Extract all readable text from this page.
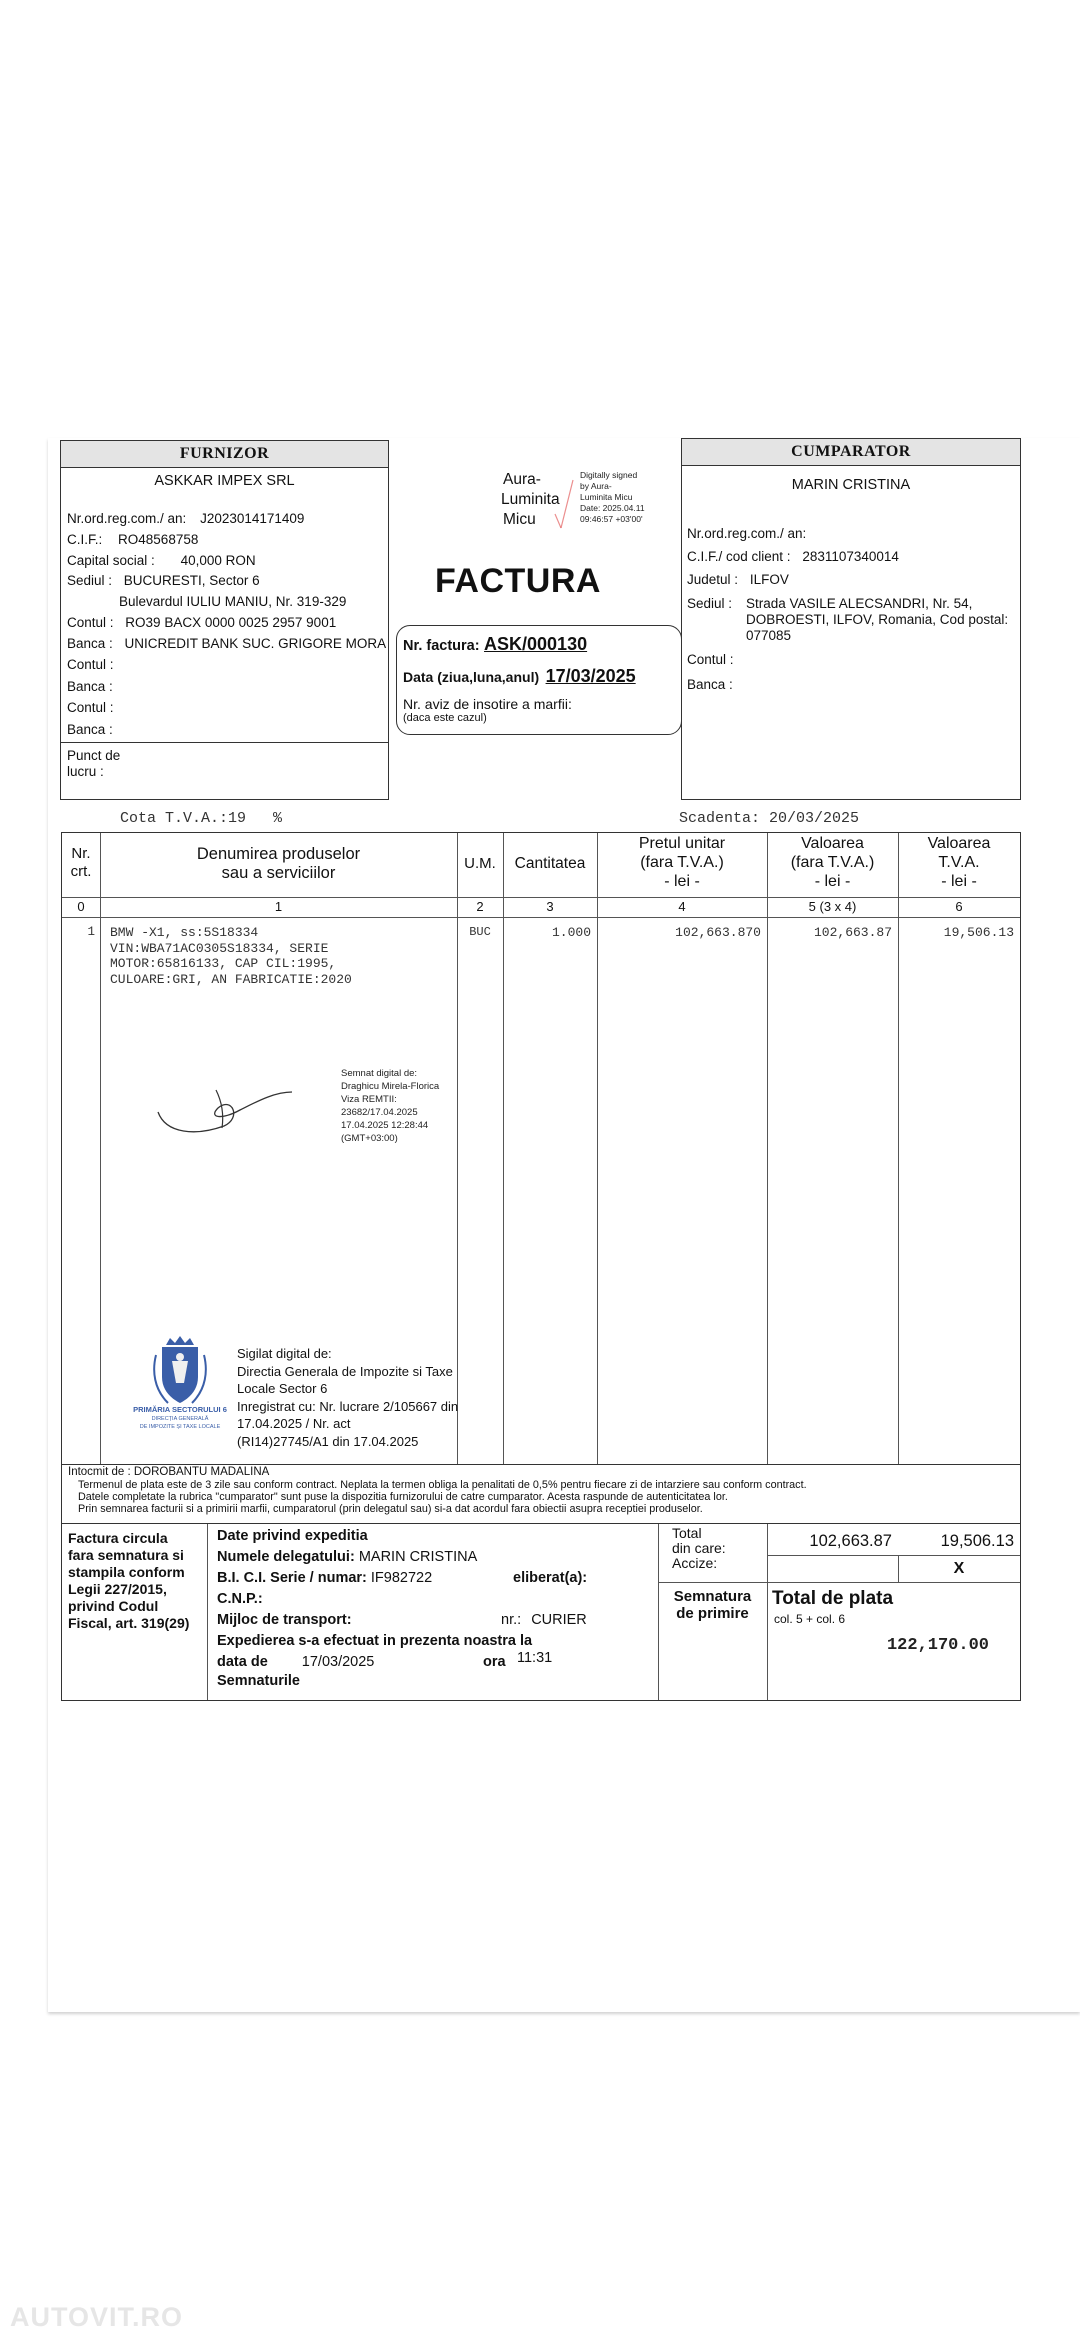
FURNIZOR
ASKKAR IMPEX SRL
Nr.ord.reg.com./ an: J2023014171409
C.I.F.: RO48568758
Capital social : 40,000 RON
Sediul : BUCURESTI, Sector 6
Bulevardul IULIU MANIU, Nr. 319-329
Contul : RO39 BACX 0000 0025 2957 9001
Banca : UNICREDIT BANK SUC. GRIGORE MORA
Contul :
Banca :
Contul :
Banca :
Punct de
lucru :
Aura-
Luminita
Micu
Digitally signed
by Aura-
Luminita Micu
Date: 2025.04.11
09:46:57 +03'00'
FACTURA
Nr. factura: ASK/000130
Data (ziua,luna,anul) 17/03/2025
Nr. aviz de insotire a marfii:
(daca este cazul)
CUMPARATOR
MARIN CRISTINA
Nr.ord.reg.com./ an:
C.I.F./ cod client : 2831107340014
Judetul : ILFOV
Sediul : Strada VASILE ALECSANDRI, Nr. 54,
DOBROESTI, ILFOV, Romania, Cod postal:
077085
Contul :
Banca :
Cota T.V.A.:19   %	Scadenta: 20/03/2025
Nr.
crt.
Denumirea produselor
sau a serviciilor
U.M.	Cantitatea
Pretul unitar
(fara T.V.A.)
- lei -
Valoarea
(fara T.V.A.)
- lei -
Valoarea
T.V.A.
- lei -
0	1	2	3	4	5 (3 x 4)	6
1 BMW -X1, ss:5S18334
VIN:WBA71AC0305S18334, SERIE
MOTOR:65816133, CAP CIL:1995,
CULOARE:GRI, AN FABRICATIE:2020
BUC	1.000	102,663.870	102,663.87	19,506.13
Semnat digital de:
Draghicu Mirela-Florica
Viza REMTII:
23682/17.04.2025
17.04.2025 12:28:44
(GMT+03:00)
PRIMĂRIA SECTORULUI 6
DIRECȚIA GENERALĂ
DE IMPOZITE ȘI TAXE LOCALE
Sigilat digital de:
Directia Generala de Impozite si Taxe
Locale Sector 6
Inregistrat cu: Nr. lucrare 2/105667 din
17.04.2025 / Nr. act
(RI14)27745/A1 din 17.04.2025
Intocmit de : DOROBANTU MADALINA
Termenul de plata este de 3 zile sau conform contract. Neplata la termen obliga la penalitati de 0,5% pentru fiecare zi de intarziere sau conform contract.
Datele completate la rubrica "cumparator" sunt puse la dispozitia furnizorului de catre cumparator. Acesta raspunde de autenticitatea lor.
Prin semnarea facturii si a primirii marfii, cumparatorul (prin delegatul sau) si-a dat acordul fara obiectii asupra receptiei produselor.
Factura circula
fara semnatura si
stampila conform
Legii 227/2015,
privind Codul
Fiscal, art. 319(29)
Date privind expeditia
Numele delegatului: MARIN CRISTINA
B.I. C.I. Serie / numar: IF982722	eliberat(a):
C.N.P.:
Mijloc de transport:	nr.: CURIER
Expedierea s-a efectuat in prezenta noastra la
data de 17/03/2025	ora 11:31
Semnaturile
Total
din care:
Accize:
102,663.87	19,506.13
X
Semnatura
de primire
Total de plata
col. 5 + col. 6
122,170.00
AUTOVIT.RO
